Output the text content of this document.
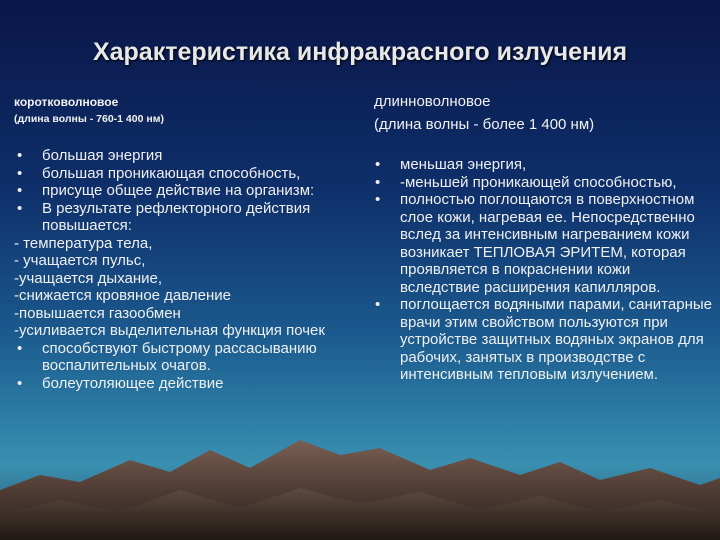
Характеристика инфракрасного излучения
коротковолновое
(длина волны - 760-1 400 нм)
длинноволновое
(длина волны - более 1 400 нм)
• большая энергия
• большая проникающая способность,
• присуще общее действие на организм:
• В результате рефлекторного действия повышается:
- температура тела,
- учащается пульс,
-учащается дыхание,
-снижается кровяное давление
-повышается газообмен
-усиливается выделительная функция почек
• способствуют быстрому рассасыванию воспалительных очагов.
• болеутоляющее действие
• меньшая энергия,
• -меньшей проникающей способностью,
• полностью поглощаются в поверхностном слое кожи, нагревая ее. Непосредственно вслед за интенсивным нагреванием кожи возникает ТЕПЛОВАЯ ЭРИТЕМ, которая проявляется в покраснении кожи вследствие расширения капилляров.
• поглощается водяными парами, санитарные врачи этим свойством пользуются при устройстве защитных водяных экранов для рабочих, занятых в производстве с интенсивным тепловым излучением.
